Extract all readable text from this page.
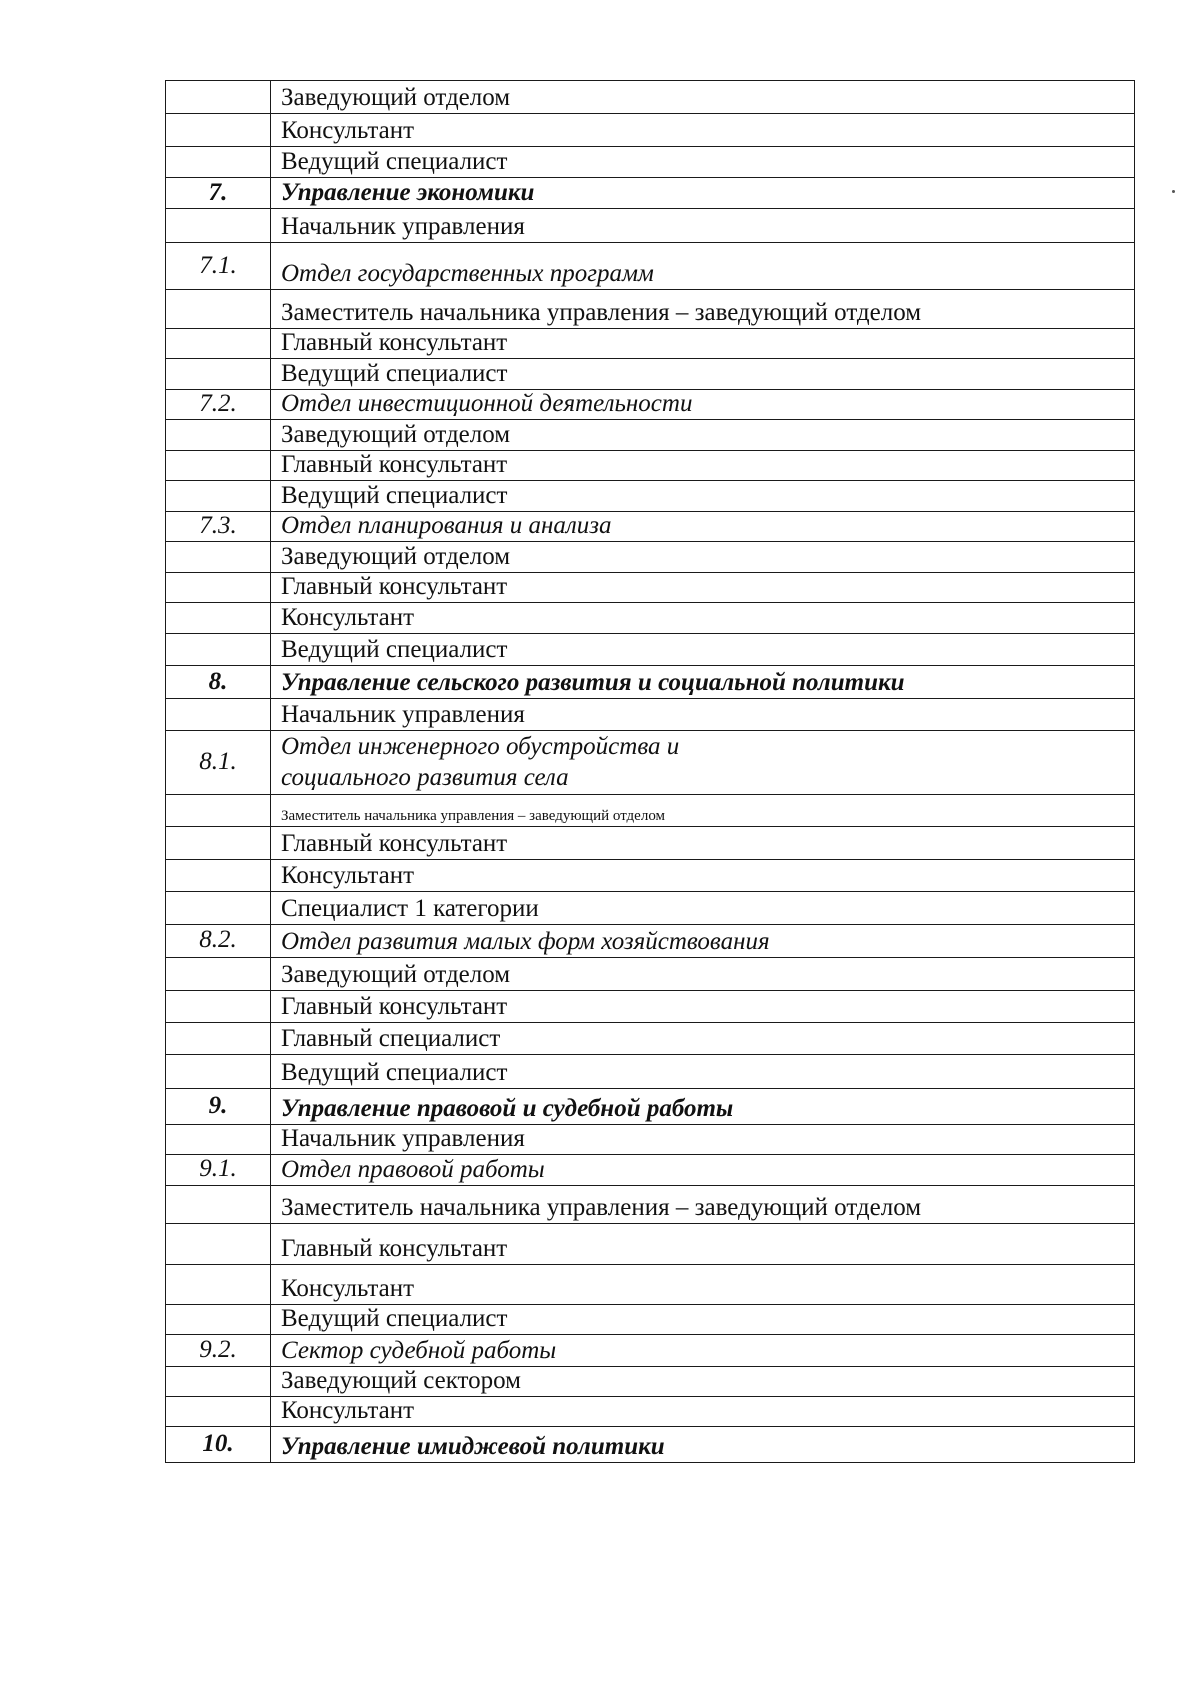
	Заведующий отделом
	Консультант
	Ведущий специалист
7.	Управление экономики
	Начальник управления
7.1.	Отдел государственных программ
	Заместитель начальника управления – заведующий отделом
	Главный консультант
	Ведущий специалист
7.2.	Отдел инвестиционной деятельности
	Заведующий отделом
	Главный консультант
	Ведущий специалист
7.3.	Отдел планирования и анализа
	Заведующий отделом
	Главный консультант
	Консультант
	Ведущий специалист
8.	Управление сельского развития и социальной политики
	Начальник управления
8.1.	Отдел инженерного обустройства и
социального развития села

	Заместитель начальника управления – заведующий отделом
	Главный консультант
	Консультант
	Специалист 1 категории
8.2.	Отдел развития малых форм хозяйствования
	Заведующий отделом
	Главный консультант
	Главный специалист
	Ведущий специалист
9.	Управление правовой и судебной работы
	Начальник управления
9.1.	Отдел правовой работы
	Заместитель начальника управления – заведующий отделом
	Главный консультант
	Консультант
	Ведущий специалист
9.2.	Сектор судебной работы
	Заведующий сектором
	Консультант
10.	Управление имиджевой политики
